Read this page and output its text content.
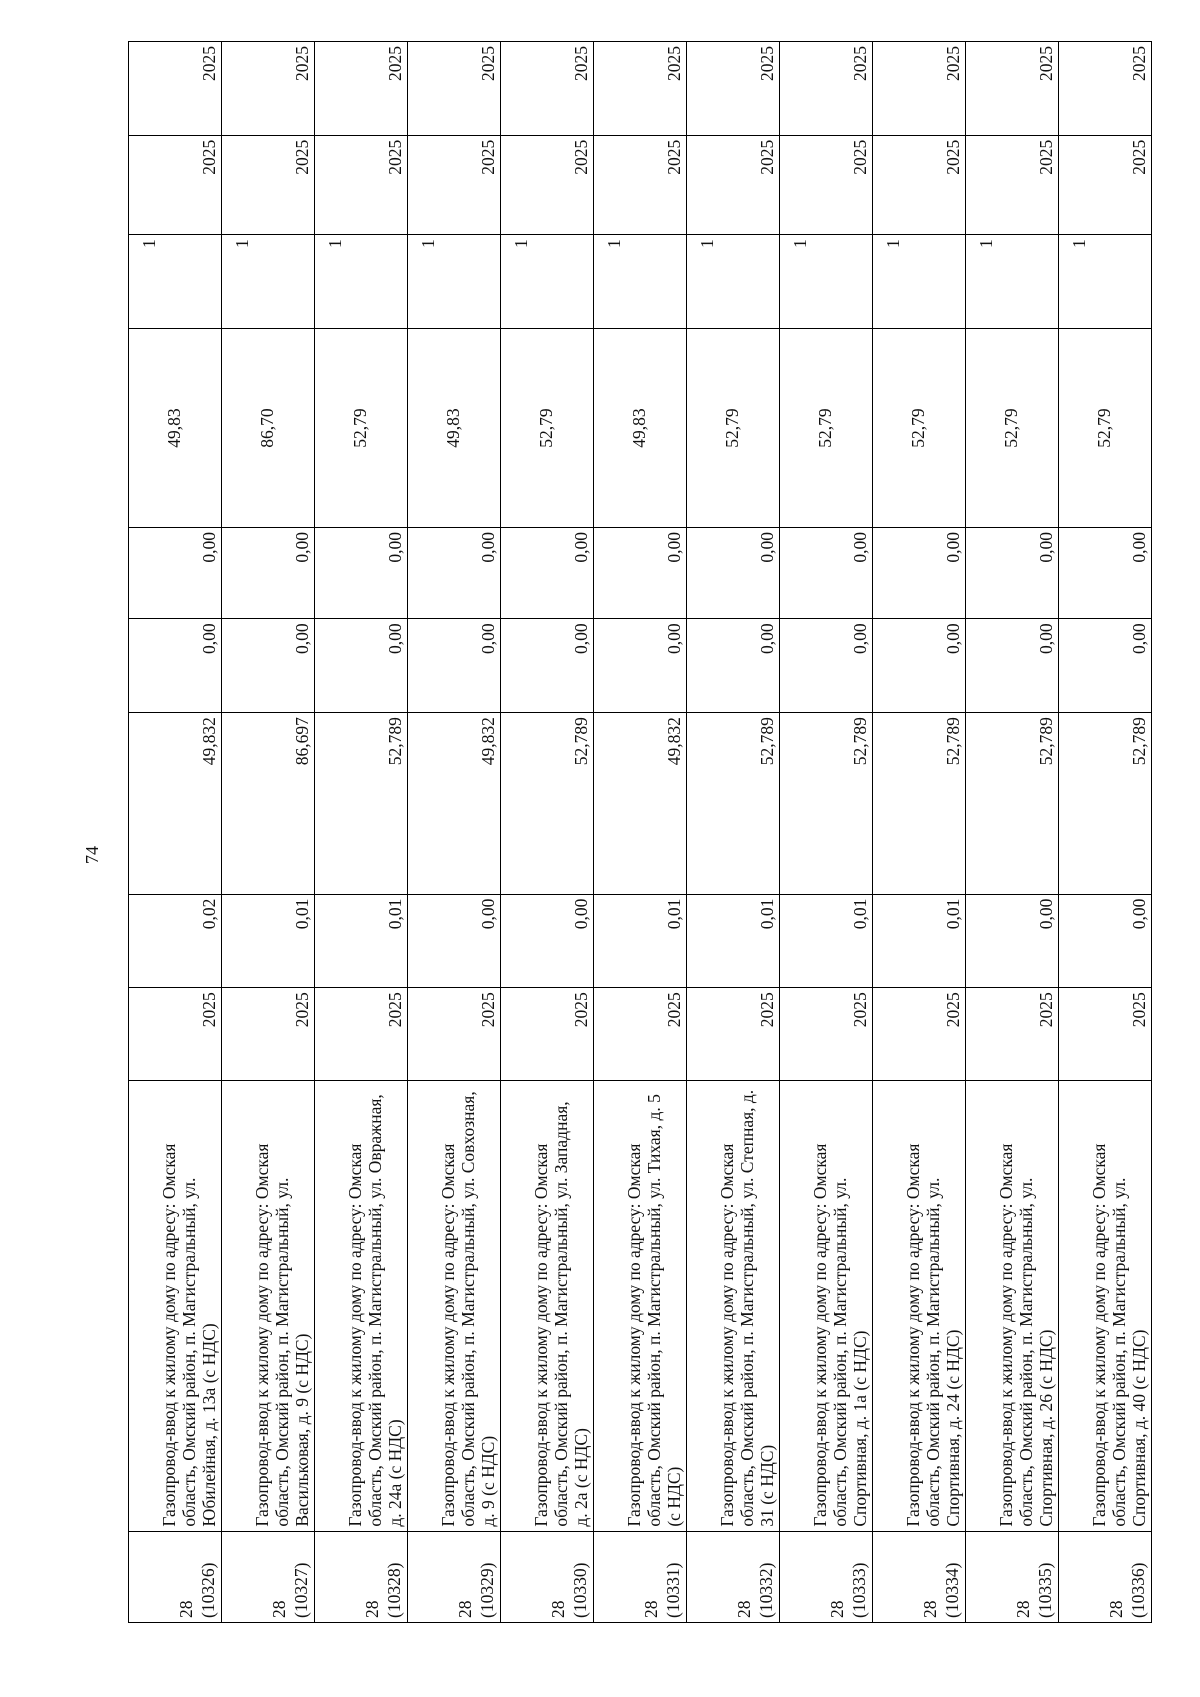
74
28 (10326)	Газопровод-ввод к жилому дому по адресу: Омская область, Омский район, п. Магистральный, ул. Юбилейная, д. 13а (с НДС)	2025	0,02	49,832	0,00	0,00	49,83	1	2025	2025

28 (10327)	Газопровод-ввод к жилому дому по адресу: Омская область, Омский район, п. Магистральный, ул. Васильковая, д. 9 (с НДС)	2025	0,01	86,697	0,00	0,00	86,70	1	2025	2025

28 (10328)	Газопровод-ввод к жилому дому по адресу: Омская область, Омский район, п. Магистральный, ул. Овражная, д. 24а (с НДС)	2025	0,01	52,789	0,00	0,00	52,79	1	2025	2025

28 (10329)	Газопровод-ввод к жилому дому по адресу: Омская область, Омский район, п. Магистральный, ул. Совхозная, д. 9 (с НДС)	2025	0,00	49,832	0,00	0,00	49,83	1	2025	2025

28 (10330)	Газопровод-ввод к жилому дому по адресу: Омская область, Омский район, п. Магистральный, ул. Западная, д. 2а (с НДС)	2025	0,00	52,789	0,00	0,00	52,79	1	2025	2025

28 (10331)	Газопровод-ввод к жилому дому по адресу: Омская область, Омский район, п. Магистральный, ул. Тихая, д. 5 (с НДС)	2025	0,01	49,832	0,00	0,00	49,83	1	2025	2025

28 (10332)	Газопровод-ввод к жилому дому по адресу: Омская область, Омский район, п. Магистральный, ул. Степная, д. 31 (с НДС)	2025	0,01	52,789	0,00	0,00	52,79	1	2025	2025

28 (10333)	Газопровод-ввод к жилому дому по адресу: Омская область, Омский район, п. Магистральный, ул. Спортивная, д. 1а (с НДС)	2025	0,01	52,789	0,00	0,00	52,79	1	2025	2025

28 (10334)	Газопровод-ввод к жилому дому по адресу: Омская область, Омский район, п. Магистральный, ул. Спортивная, д. 24 (с НДС)	2025	0,01	52,789	0,00	0,00	52,79	1	2025	2025

28 (10335)	Газопровод-ввод к жилому дому по адресу: Омская область, Омский район, п. Магистральный, ул. Спортивная, д. 26 (с НДС)	2025	0,00	52,789	0,00	0,00	52,79	1	2025	2025

28 (10336)	Газопровод-ввод к жилому дому по адресу: Омская область, Омский район, п. Магистральный, ул. Спортивная, д. 40 (с НДС)	2025	0,00	52,789	0,00	0,00	52,79	1	2025	2025
